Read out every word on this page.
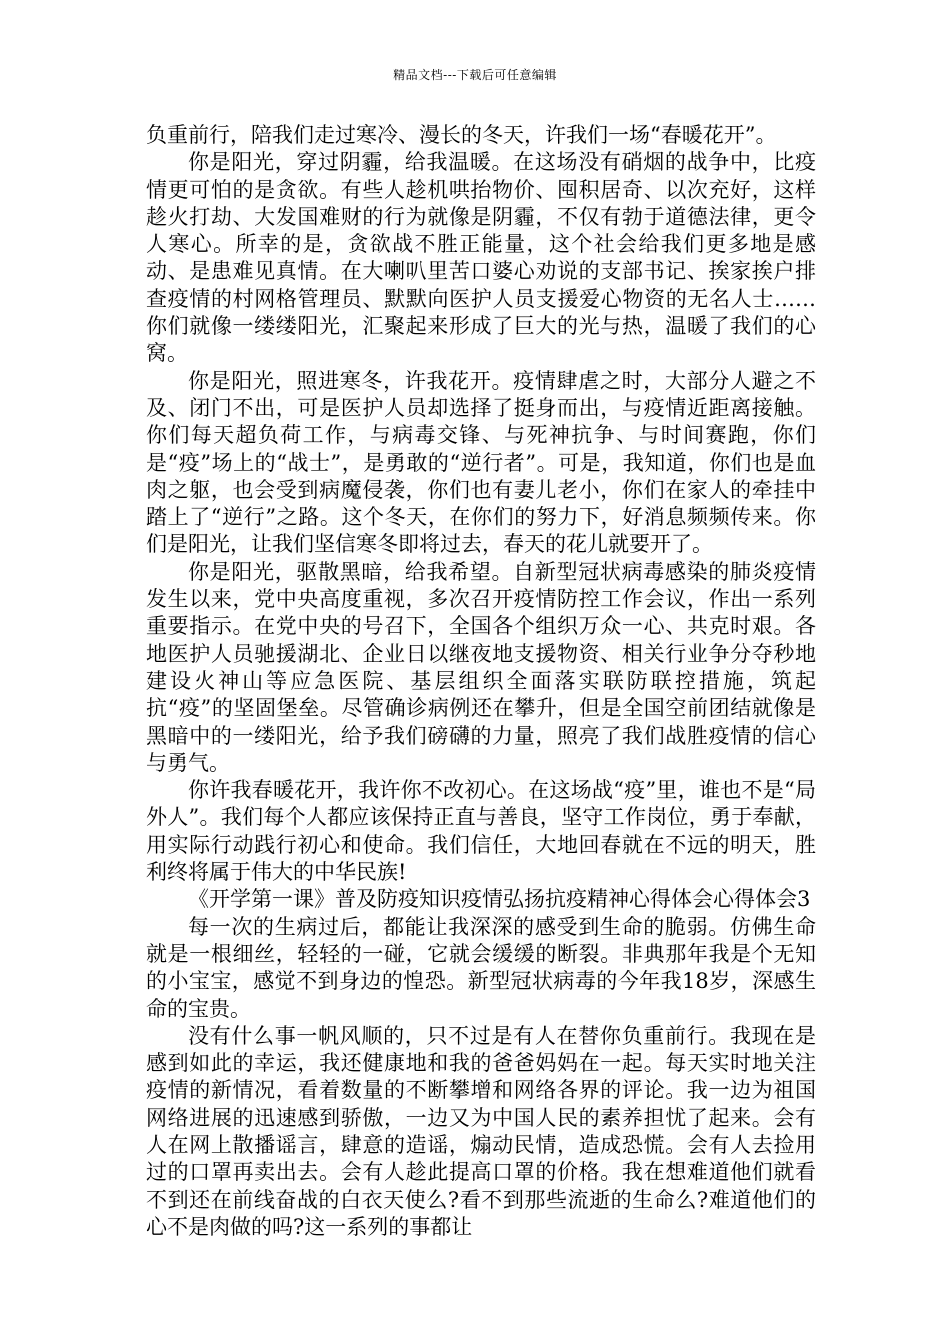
精品文档---下载后可任意编辑

负重前行，陪我们走过寒冷、漫长的冬天，许我们一场“春暖花开”。

你是阳光，穿过阴霾，给我温暖。在这场没有硝烟的战争中，比疫情更可怕的是贪欲。有些人趁机哄抬物价、囤积居奇、以次充好，这样趁火打劫、大发国难财的行为就像是阴霾，不仅有勃于道德法律，更令人寒心。所幸的是，贪欲战不胜正能量，这个社会给我们更多地是感动、是患难见真情。在大喇叭里苦口婆心劝说的支部书记、挨家挨户排查疫情的村网格管理员、默默向医护人员支援爱心物资的无名人士……你们就像一缕缕阳光，汇聚起来形成了巨大的光与热，温暖了我们的心窝。

你是阳光，照进寒冬，许我花开。疫情肆虐之时，大部分人避之不及、闭门不出，可是医护人员却选择了挺身而出，与疫情近距离接触。你们每天超负荷工作，与病毒交锋、与死神抗争、与时间赛跑，你们是“疫”场上的“战士”，是勇敢的“逆行者”。可是，我知道，你们也是血肉之躯，也会受到病魔侵袭，你们也有妻儿老小，你们在家人的牵挂中踏上了“逆行”之路。这个冬天，在你们的努力下，好消息频频传来。你们是阳光，让我们坚信寒冬即将过去，春天的花儿就要开了。

你是阳光，驱散黑暗，给我希望。自新型冠状病毒感染的肺炎疫情发生以来，党中央高度重视，多次召开疫情防控工作会议，作出一系列重要指示。在党中央的号召下，全国各个组织万众一心、共克时艰。各地医护人员驰援湖北、企业日以继夜地支援物资、相关行业争分夺秒地建设火神山等应急医院、基层组织全面落实联防联控措施，筑起抗“疫”的坚固堡垒。尽管确诊病例还在攀升，但是全国空前团结就像是黑暗中的一缕阳光，给予我们磅礴的力量，照亮了我们战胜疫情的信心与勇气。

你许我春暖花开，我许你不改初心。在这场战“疫”里，谁也不是“局外人”。我们每个人都应该保持正直与善良，坚守工作岗位，勇于奉献，用实际行动践行初心和使命。我们信任，大地回春就在不远的明天，胜利终将属于伟大的中华民族!

《开学第一课》普及防疫知识疫情弘扬抗疫精神心得体会心得体会3

每一次的生病过后，都能让我深深的感受到生命的脆弱。仿佛生命就是一根细丝，轻轻的一碰，它就会缓缓的断裂。非典那年我是个无知的小宝宝，感觉不到身边的惶恐。新型冠状病毒的今年我18岁，深感生命的宝贵。

没有什么事一帆风顺的，只不过是有人在替你负重前行。我现在是感到如此的幸运，我还健康地和我的爸爸妈妈在一起。每天实时地关注疫情的新情况，看着数量的不断攀增和网络各界的评论。我一边为祖国网络进展的迅速感到骄傲，一边又为中国人民的素养担忧了起来。会有人在网上散播谣言，肆意的造谣，煽动民情，造成恐慌。会有人去捡用过的口罩再卖出去。会有人趁此提高口罩的价格。我在想难道他们就看不到还在前线奋战的白衣天使么?看不到那些流逝的生命么?难道他们的心不是肉做的吗?这一系列的事都让
